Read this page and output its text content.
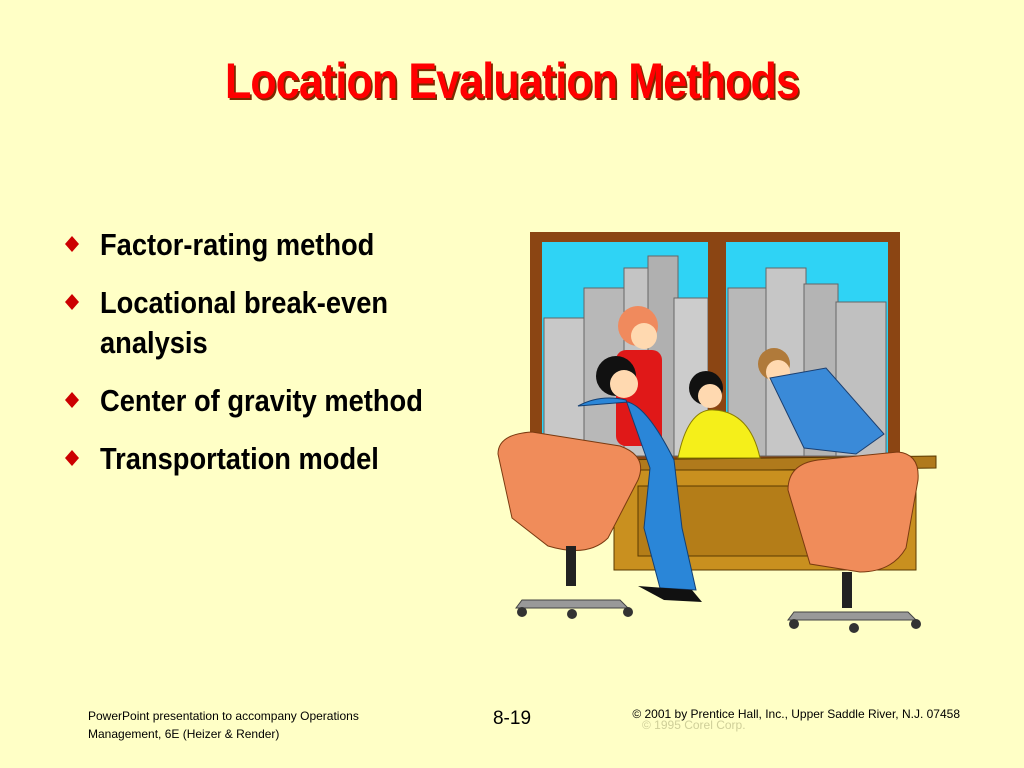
Location Evaluation Methods
Factor-rating method
Locational break-even
analysis
Center of gravity method
Transportation model
PowerPoint presentation to accompany Operations
Management, 6E (Heizer & Render)
8-19	© 2001 by Prentice Hall, Inc., Upper Saddle River, N.J. 07458
© 1995 Corel Corp.
